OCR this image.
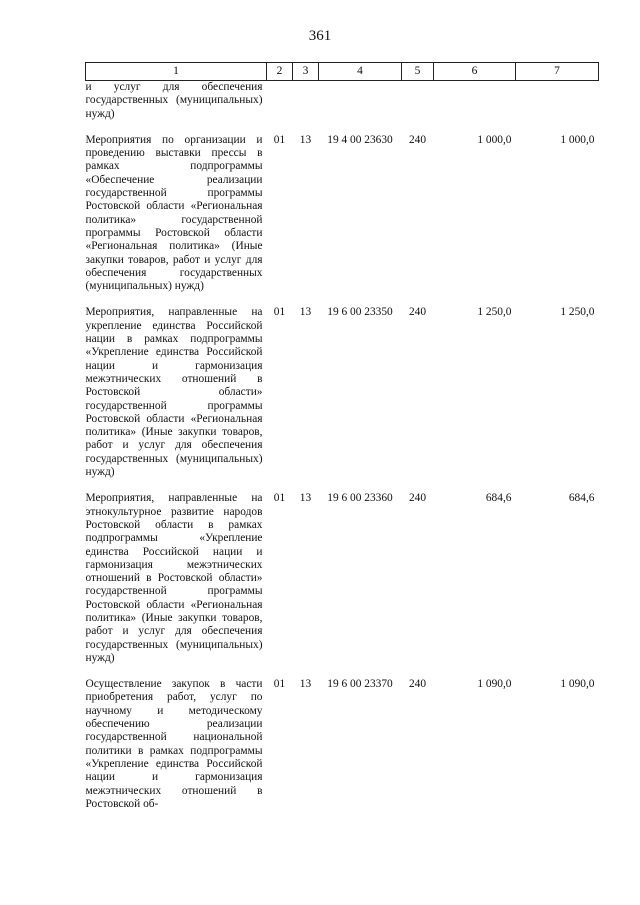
361
1	2	3	4	5	6	7
и услуг для обеспечения государственных (муниципальных) нужд)						

Мероприятия по организации и проведению выставки прессы в рамках подпрограммы «Обеспечение реализации государственной программы Ростовской области «Региональная политика» государственной программы Ростовской области «Региональная политика» (Иные закупки товаров, работ и услуг для обеспечения государственных (муниципальных) нужд)	01	13	19 4 00 23630	240	1 000,0	1 000,0

Мероприятия, направленные на укрепление единства Российской нации в рамках подпрограммы «Укрепление единства Российской нации и гармонизация межэтнических отношений в Ростовской области» государственной программы Ростовской области «Региональная политика» (Иные закупки товаров, работ и услуг для обеспечения государственных (муниципальных) нужд)	01	13	19 6 00 23350	240	1 250,0	1 250,0

Мероприятия, направленные на этнокультурное развитие народов Ростовской области в рамках подпрограммы «Укрепление единства Российской нации и гармонизация межэтнических отношений в Ростовской области» государственной программы Ростовской области «Региональная политика» (Иные закупки товаров, работ и услуг для обеспечения государственных (муниципальных) нужд)	01	13	19 6 00 23360	240	684,6	684,6

Осуществление закупок в части приобретения работ, услуг по научному и методическому обеспечению реализации государственной национальной политики в рамках подпрограммы «Укрепление единства Российской нации и гармонизация межэтнических отношений в Ростовской об-	01	13	19 6 00 23370	240	1 090,0	1 090,0
